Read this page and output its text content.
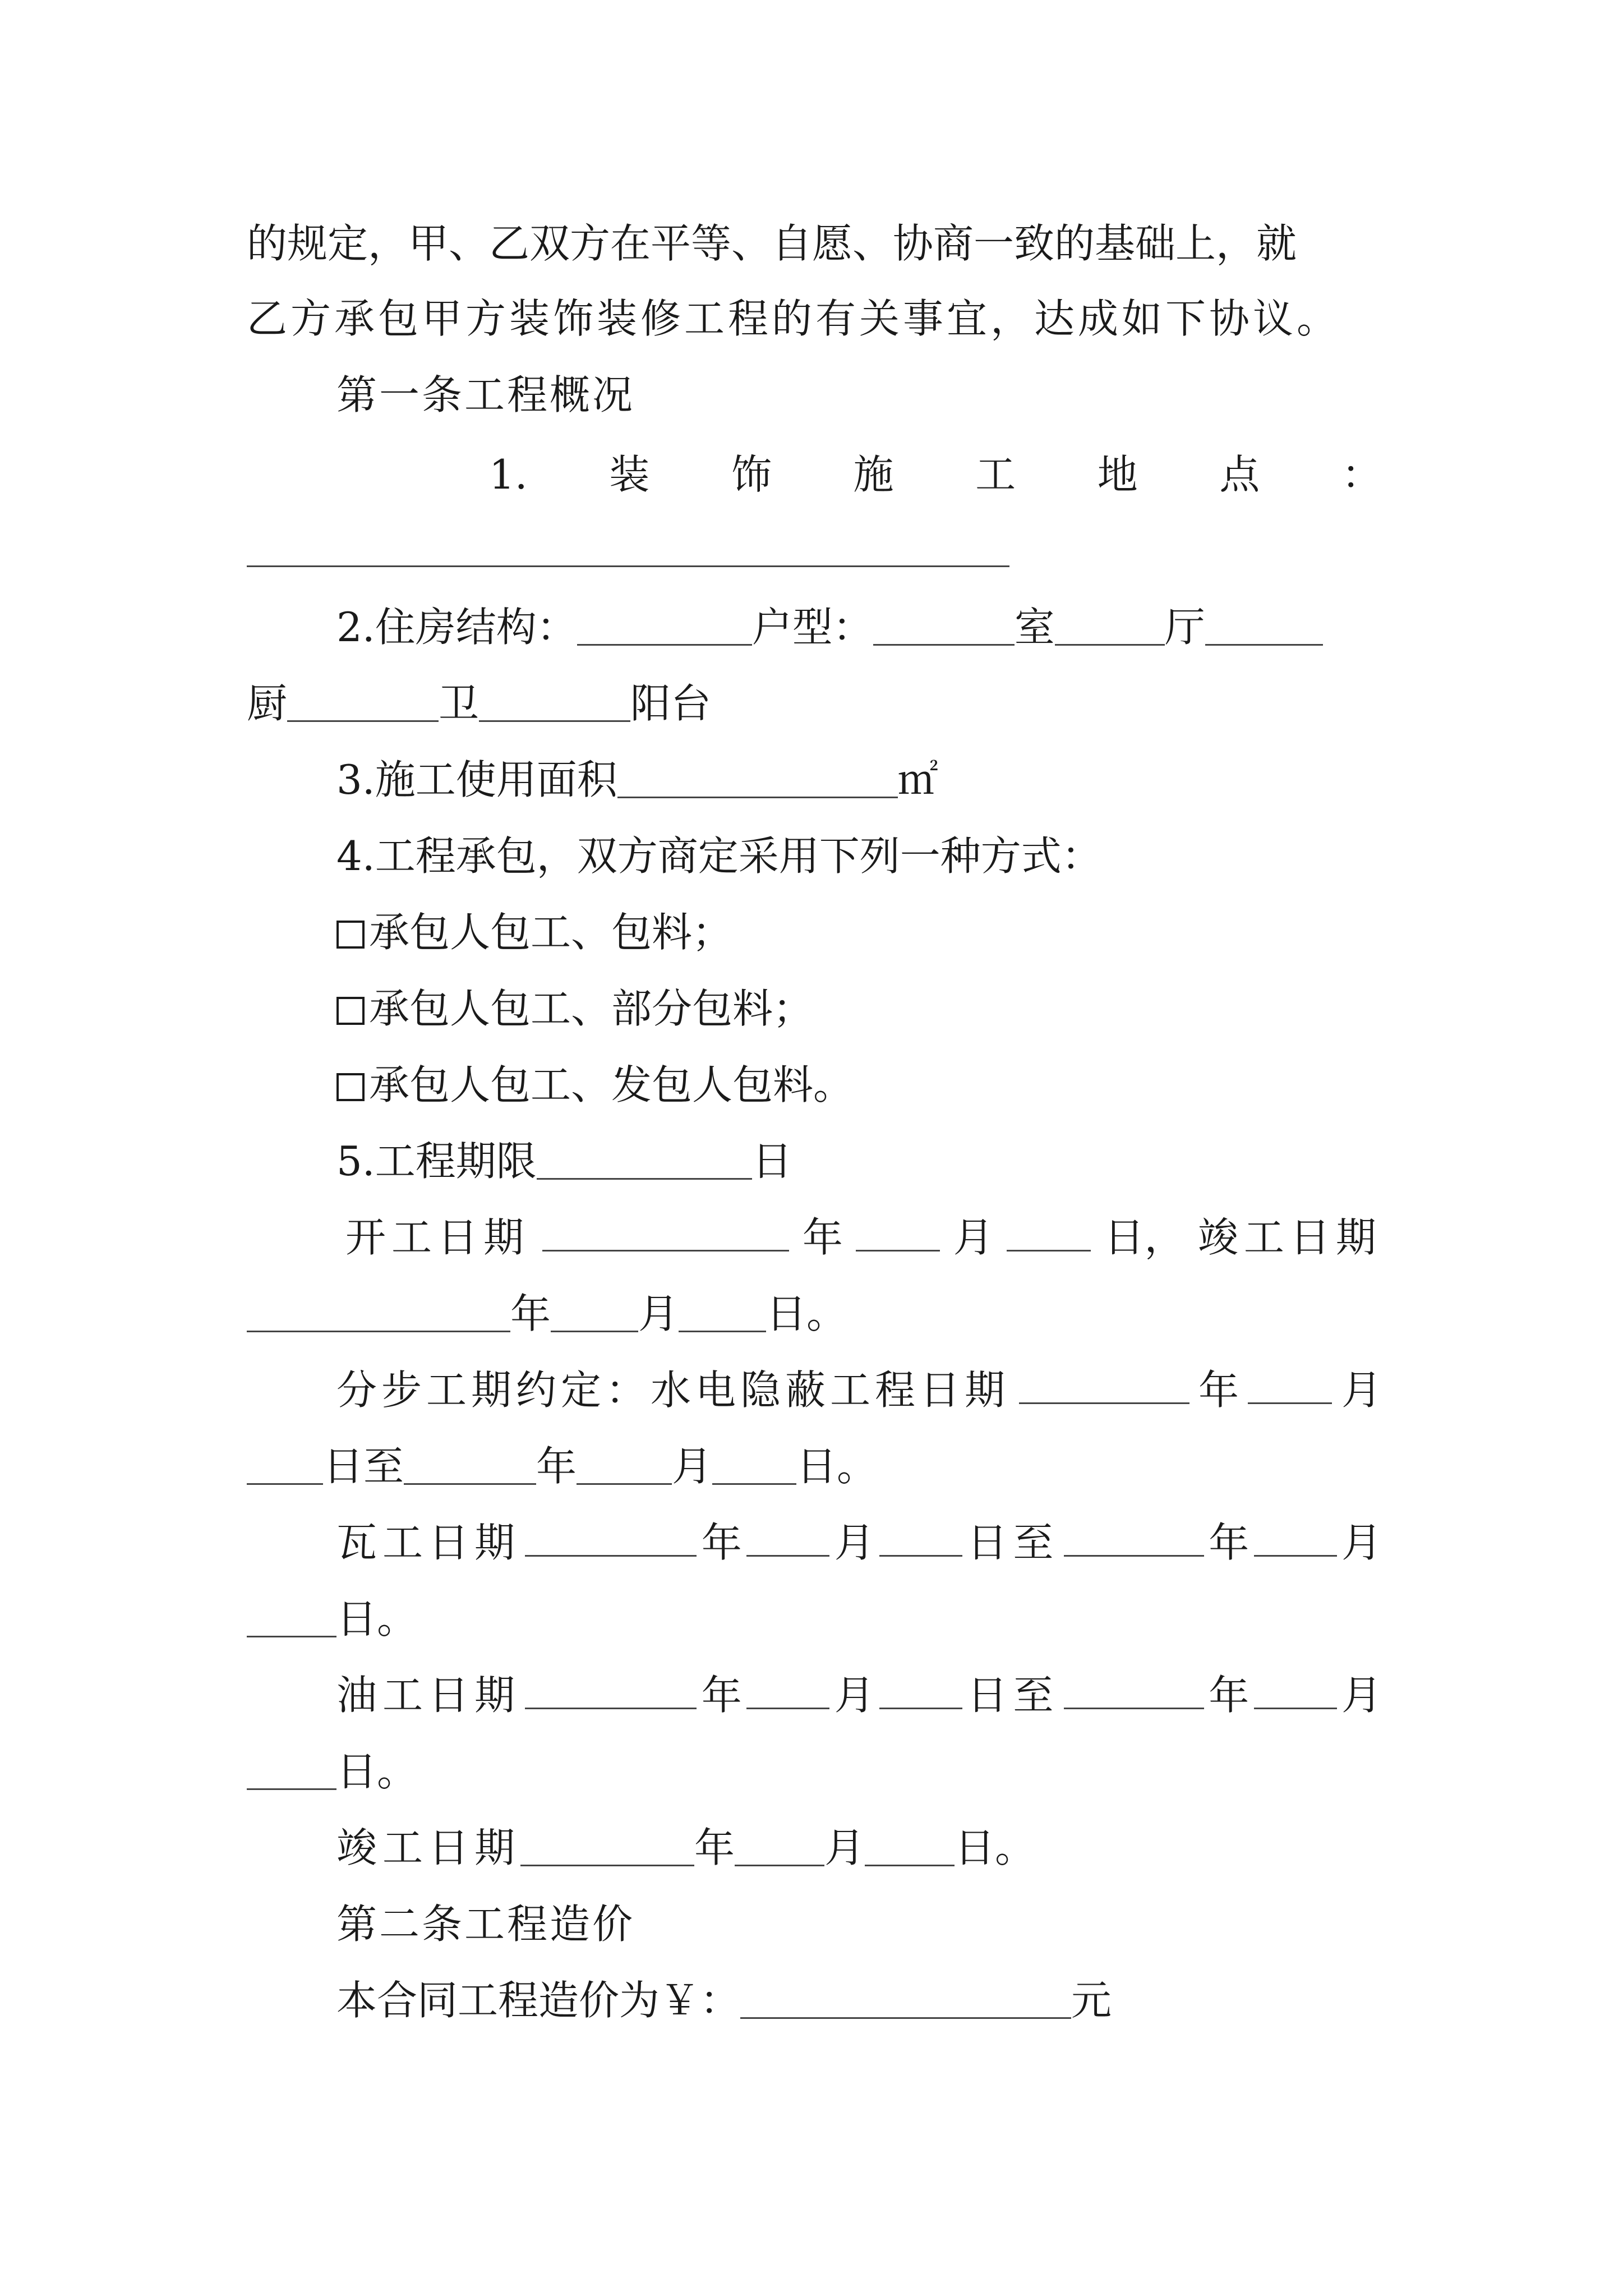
的规定，甲、乙双方在平等、自愿、协商一致的基础上，就
乙方承包甲方装饰装修工程的有关事宜，达成如下协议。
第一条工程概况
1. 装 饰 施 工 地 点 ：
2.住房结构：	户型：	室	厅
厨	卫	阳台
3.施工使用面积	㎡
4.工程承包，双方商定采用下列一种方式：
承包人包工、包料；
承包人包工、部分包料；
承包人包工、发包人包料。
5.工程期限	日
开工日期	年	月	日， 竣工日期
年 月 日。
分步工期约定：水电隐蔽工程日期	年	月
日至	年 月 日。
瓦工日期	年 月 日至	年 月
日。
油工日期	年 月 日至	年 月
日。
竣工日期	年 月 日。
第二条工程造价
本合同工程造价为￥：	元
